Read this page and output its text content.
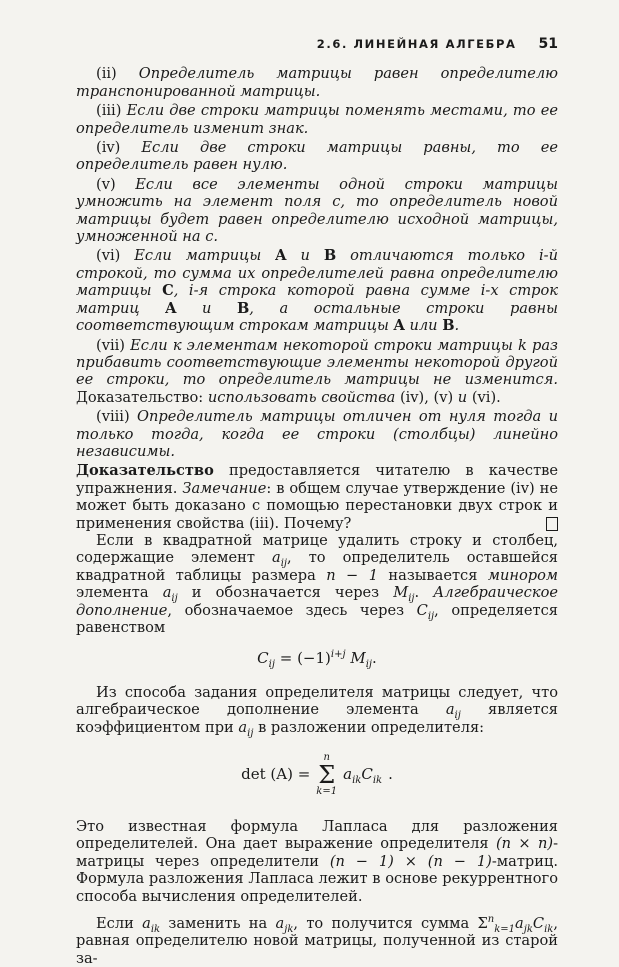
2.6. ЛИНЕЙНАЯ АЛГЕБРА 51

(ii) Определитель матрицы равен определителю транспонированной матрицы.

(iii) Если две строки матрицы поменять местами, то ее определитель изменит знак.

(iv) Если две строки матрицы равны, то ее определитель равен нулю.

(v) Если все элементы одной строки матрицы умножить на элемент поля c, то определитель новой матрицы будет равен определителю исходной матрицы, умноженной на c.

(vi) Если матрицы A и B отличаются только i-й строкой, то сумма их определителей равна определителю матрицы C, i-я строка которой равна сумме i-х строк матриц A и B, а остальные строки равны соответствующим строкам матрицы A или B.

(vii) Если к элементам некоторой строки матрицы k раз прибавить соответствующие элементы некоторой другой ее строки, то определитель матрицы не изменится. Доказательство: использовать свойства (iv), (v) и (vi).

(viii) Определитель матрицы отличен от нуля тогда и только тогда, когда ее строки (столбцы) линейно независимы.

Доказательство предоставляется читателю в качестве упражнения. Замечание: в общем случае утверждение (iv) не может быть доказано с помощью перестановки двух строк и применения свойства (iii). Почему?

Если в квадратной матрице удалить строку и столбец, содержащие элемент $a_{ij}$, то определитель оставшейся квадратной таблицы размера n − 1 называется минором элемента $a_{ij}$ и обозначается через $M_{ij}$. Алгебраическое дополнение, обозначаемое здесь через $C_{ij}$, определяется равенством

$C_{ij} = (-1)^{i+j}$ $M_{ij}$.

Из способа задания определителя матрицы следует, что алгебраическое дополнение элемента $a_{ij}$ является коэффициентом при $a_{ij}$ в разложении определителя:

det (A) =
n
Σ
k=1
$a_{ik}C_{ik}$ .

Это известная формула Лапласа для разложения определителей. Она дает выражение определителя (n × n)-матрицы через определители (n − 1) × (n − 1)-матриц. Формула разложения Лапласа лежит в основе рекуррентного способа вычисления определителей.

Если $a_{ik}$ заменить на $a_{jk}$, то получится сумма $\Sigma^n_{k=1}a_{jk}C_{ik}$, равная определителю новой матрицы, полученной из старой за-
